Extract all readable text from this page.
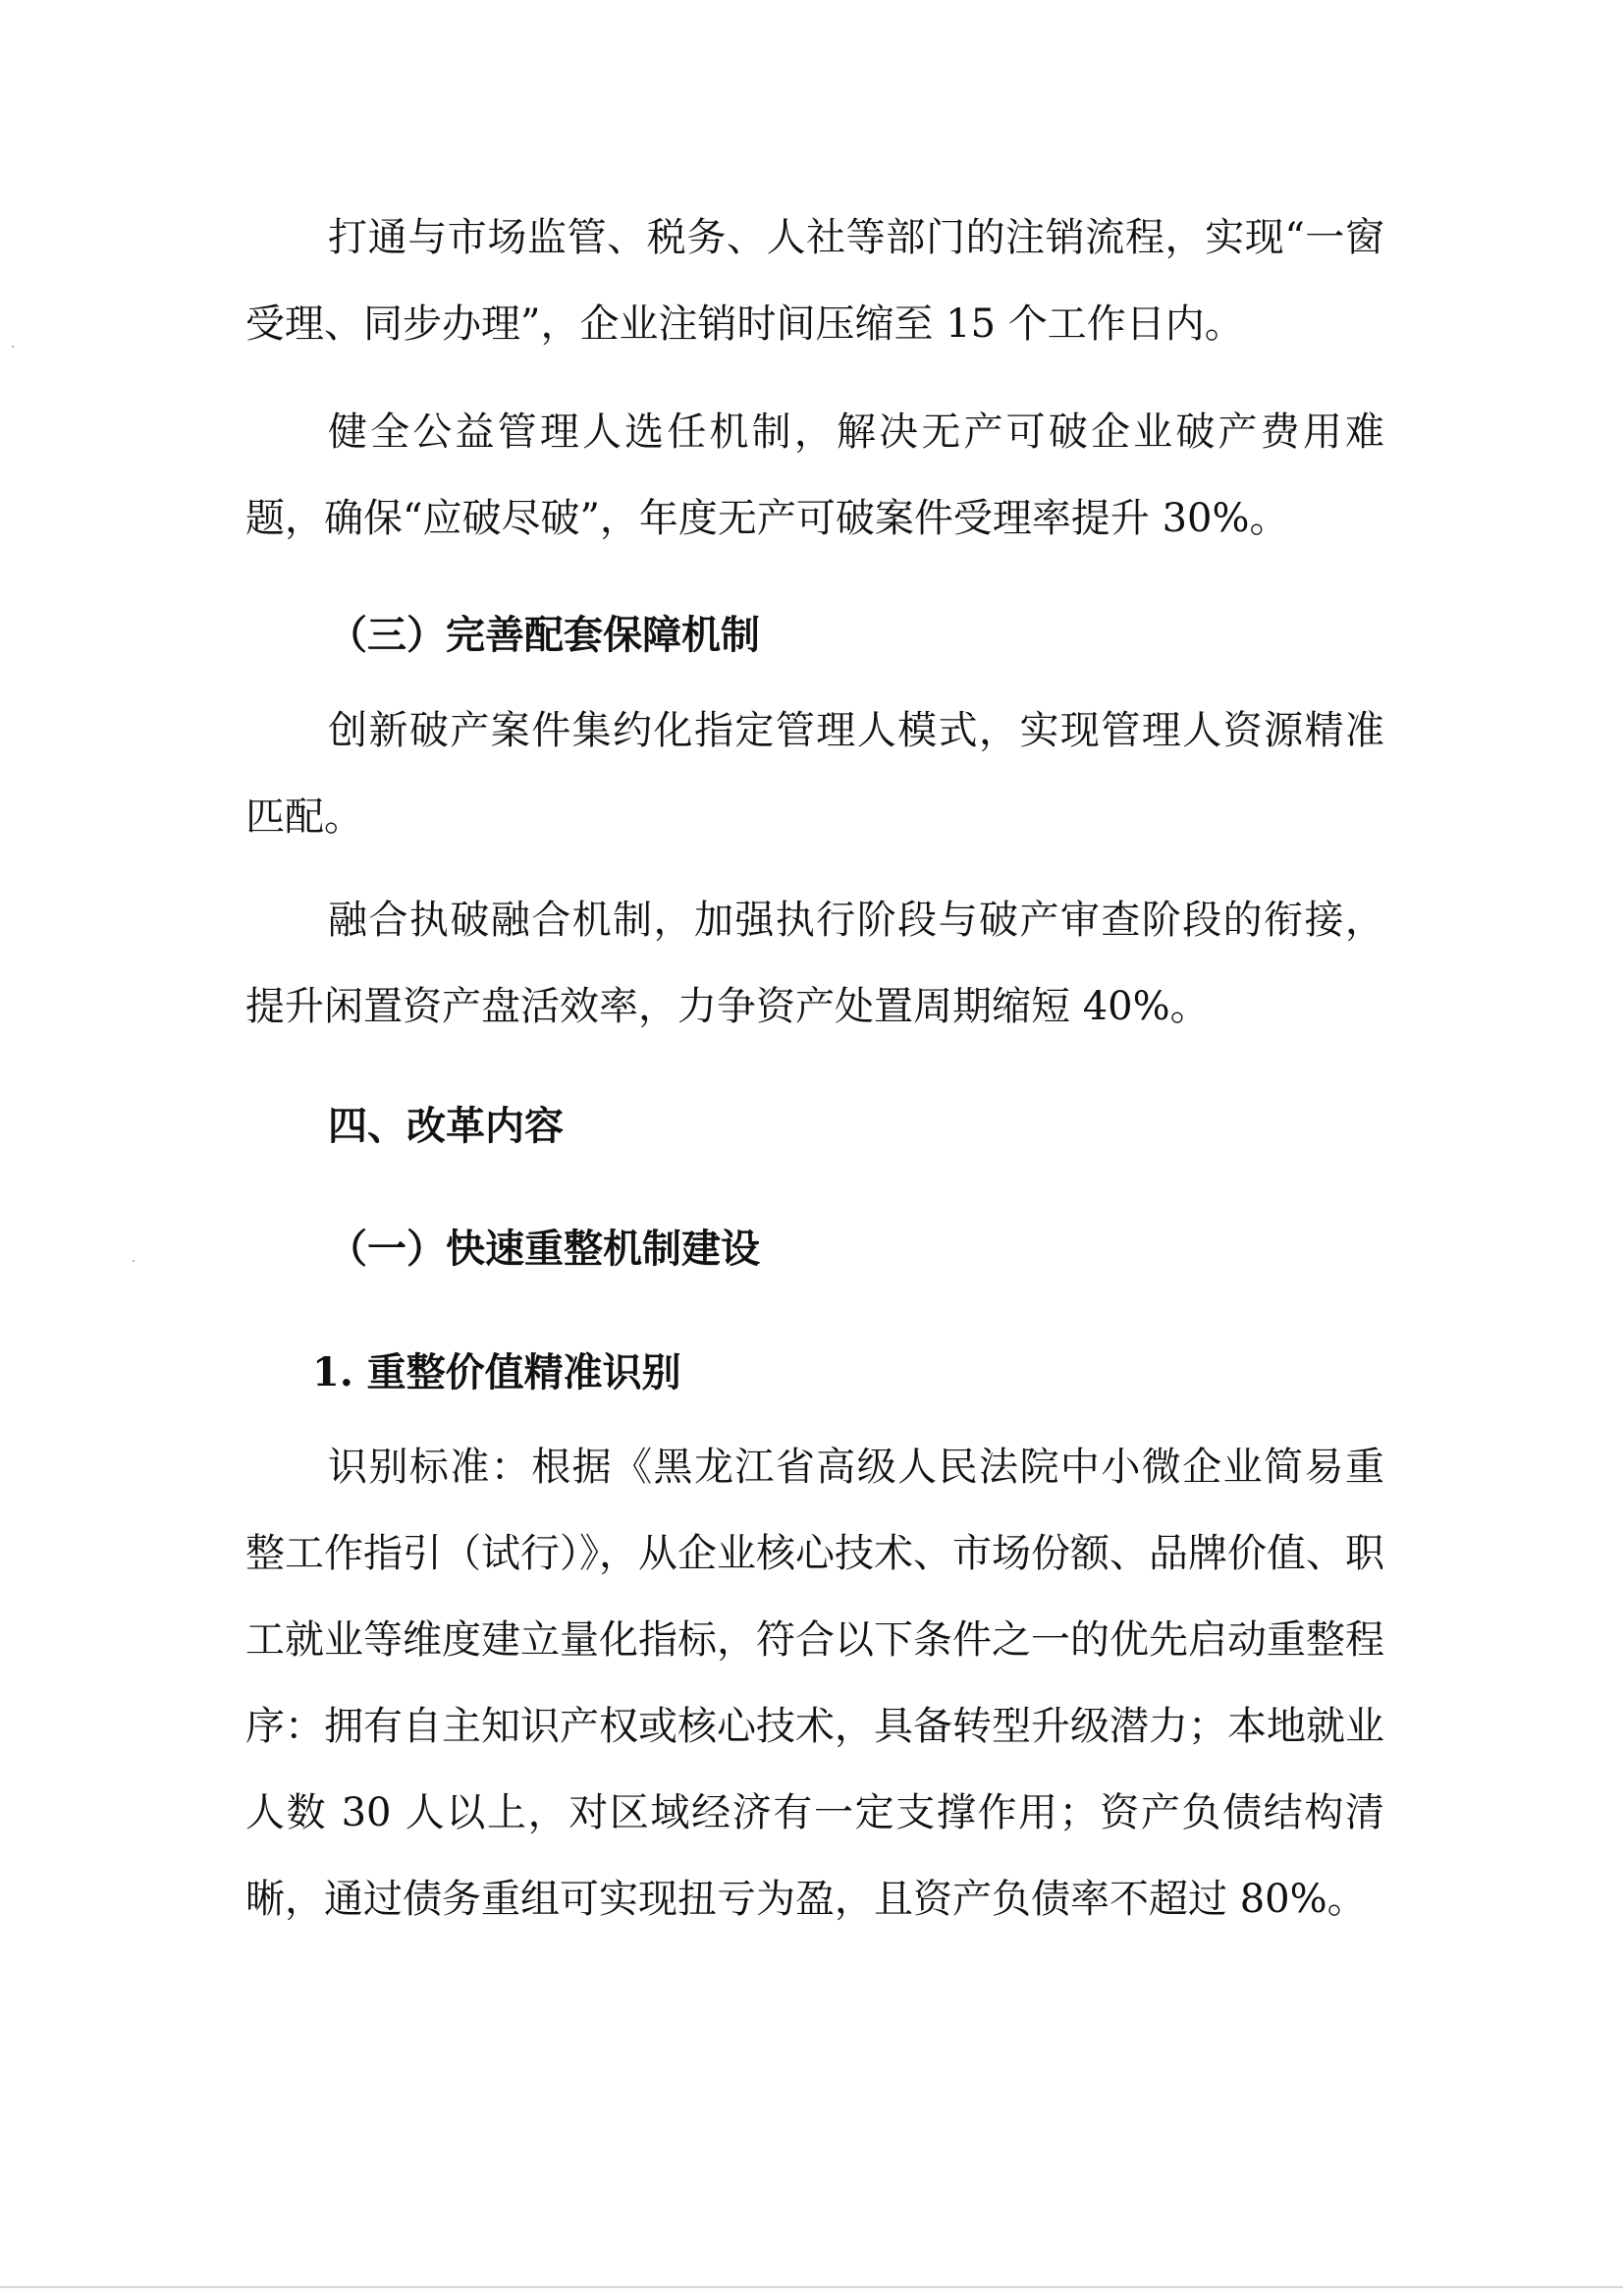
打通与市场监管、税务、人社等部门的注销流程，实现“一窗受理、同步办理”，企业注销时间压缩至 15 个工作日内。

健全公益管理人选任机制，解决无产可破企业破产费用难题，确保“应破尽破”，年度无产可破案件受理率提升 30%。

（三）完善配套保障机制

创新破产案件集约化指定管理人模式，实现管理人资源精准匹配。

融合执破融合机制，加强执行阶段与破产审查阶段的衔接，提升闲置资产盘活效率，力争资产处置周期缩短 40%。

四、改革内容
（一）快速重整机制建设
1. 重整价值精准识别

识别标准：根据《黑龙江省高级人民法院中小微企业简易重整工作指引（试行）》，从企业核心技术、市场份额、品牌价值、职工就业等维度建立量化指标，符合以下条件之一的优先启动重整程序：拥有自主知识产权或核心技术，具备转型升级潜力；本地就业人数 30 人以上，对区域经济有一定支撑作用；资产负债结构清晰，通过债务重组可实现扭亏为盈，且资产负债率不超过 80%。
